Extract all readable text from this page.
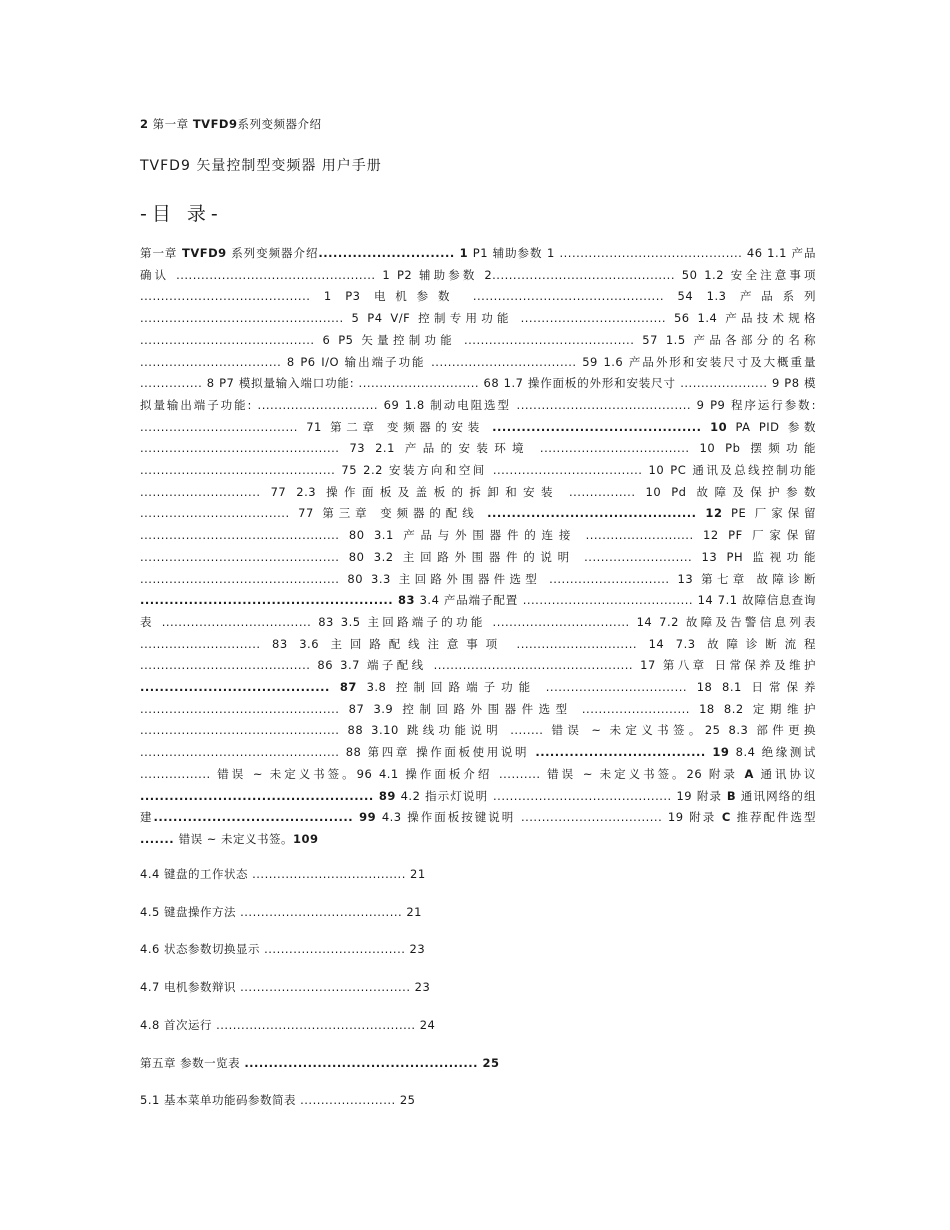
2 第一章 TVFD9系列变频器介绍
TVFD9 矢量控制型变频器 用户手册
-目 录-
第一章 TVFD9 系列变频器介绍............................ 1 P1 辅助参数 1 ............................................ 46 1.1 产品确认 ................................................ 1 P2 辅助参数 2............................................ 50 1.2 安全注意事项 ......................................... 1 P3 电机参数 .............................................. 54 1.3 产品系列 ................................................. 5 P4 V/F 控制专用功能 ................................... 56 1.4 产品技术规格 .......................................... 6 P5 矢量控制功能 ......................................... 57 1.5 产品各部分的名称 .................................. 8 P6 I/O 输出端子功能 ................................... 59 1.6 产品外形和安装尺寸及大概重量 ............... 8 P7 模拟量输入端口功能: ............................. 68 1.7 操作面板的外形和安装尺寸 ..................... 9 P8 模拟量输出端子功能: ............................. 69 1.8 制动电阻选型 .......................................... 9 P9 程序运行参数: ...................................... 71 第二章 变频器的安装 ........................................... 10 PA PID 参数 ................................................ 73 2.1 产品的安装环境 .................................... 10 Pb 摆频功能 ............................................... 75 2.2 安装方向和空间 .................................... 10 PC 通讯及总线控制功能 ............................. 77 2.3 操作面板及盖板的拆卸和安装 ................ 10 Pd 故障及保护参数 .................................... 77 第三章 变频器的配线 ........................................... 12 PE 厂家保留 ................................................ 80 3.1 产品与外围器件的连接 .......................... 12 PF 厂家保留 ................................................ 80 3.2 主回路外围器件的说明 .......................... 13 PH 监视功能 ................................................ 80 3.3 主回路外围器件选型 ............................. 13 第七章 故障诊断 .................................................... 83 3.4 产品端子配置 ......................................... 14 7.1 故障信息查询表 .................................... 83 3.5 主回路端子的功能 ................................. 14 7.2 故障及告警信息列表 ............................. 83 3.6 主回路配线注意事项 ............................. 14 7.3 故障诊断流程 ......................................... 86 3.7 端子配线 ................................................ 17 第八章 日常保养及维护 ....................................... 87 3.8 控制回路端子功能 .................................. 18 8.1 日常保养 ................................................ 87 3.9 控制回路外围器件选型 .......................... 18 8.2 定期维护 ................................................ 88 3.10 跳线功能说明 ........ 错误 ~ 未定义书签。25 8.3 部件更换 ................................................ 88 第四章 操作面板使用说明 ................................... 19 8.4 绝缘测试 ................. 错误 ~ 未定义书签。96 4.1 操作面板介绍 .......... 错误 ~ 未定义书签。26 附录 A 通讯协议 ................................................ 89 4.2 指示灯说明 ........................................... 19 附录 B 通讯网络的组建......................................... 99 4.3 操作面板按键说明 .................................. 19 附录 C 推荐配件选型 ....... 错误 ~ 未定义书签。109
4.4 键盘的工作状态 ..................................... 21
4.5 键盘操作方法 ....................................... 21
4.6 状态参数切换显示 .................................. 23
4.7 电机参数辩识 ......................................... 23
4.8 首次运行 ................................................ 24
第五章 参数一览表 ................................................ 25
5.1 基本菜单功能码参数简表 ....................... 25
